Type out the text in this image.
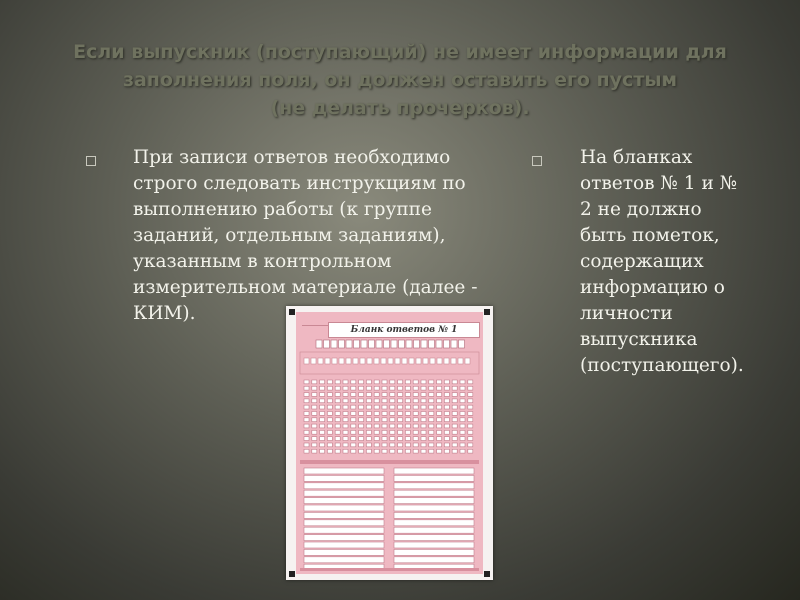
Если выпускник (поступающий) не имеет информации для
заполнения поля, он должен оставить его пустым
(не делать прочерков).

При записи ответов необходимо строго следовать инструкциям по выполнению работы (к группе заданий, отдельным заданиям), указанным в контрольном измерительном материале (далее - КИМ).

На бланках ответов № 1 и № 2 не должно быть пометок, содержащих информацию о личности выпускника (поступающего).

Бланк ответов № 1
